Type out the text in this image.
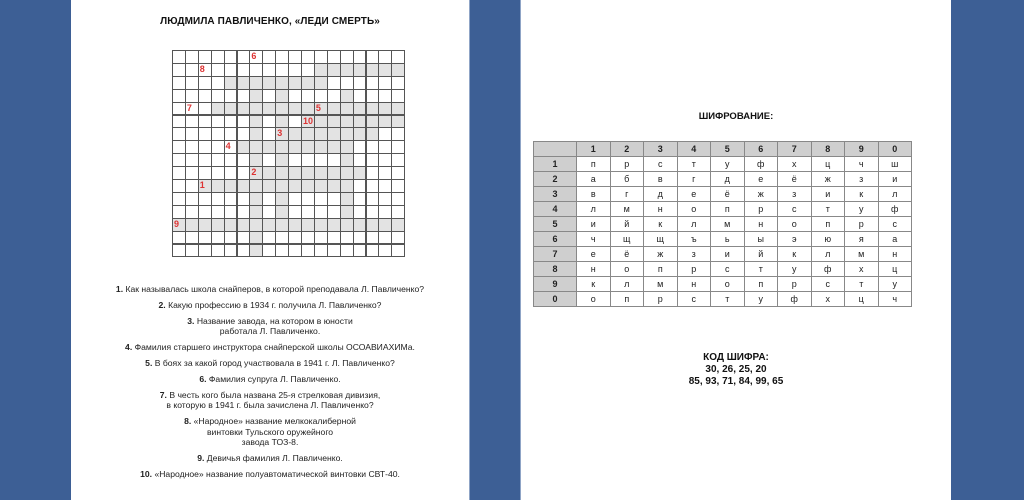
ЛЮДМИЛА ПАВЛИЧЕНКО, «ЛЕДИ СМЕРТЬ»
8
6
7	5
10
3
4
2
1
9
1. Как называлась школа снайперов, в которой преподавала Л. Павличенко?
2. Какую профессию в 1934 г. получила Л. Павличенко?
3. Название завода, на котором в юности
работала Л. Павличенко.
4. Фамилия старшего инструктора снайперской школы ОСОАВИАХИМа.
5. В боях за какой город участвовала в 1941 г. Л. Павличенко?
6. Фамилия супруга Л. Павличенко.
7. В честь кого была названа 25-я стрелковая дивизия,
в которую в 1941 г. была зачислена Л. Павличенко?
8. «Народное» название мелкокалиберной
винтовки Тульского оружейного
завода ТОЗ-8.
9. Девичья фамилия Л. Павличенко.
10. «Народное» название полуавтоматической винтовки СВТ-40.
ШИФРОВАНИЕ:
	1	2	3	4	5	6	7	8	9	0
1	п	р	с	т	у	ф	х	ц	ч	ш
2	а	б	в	г	д	е	ё	ж	з	и
3	в	г	д	е	ё	ж	з	и	к	л
4	л	м	н	о	п	р	с	т	у	ф
5	и	й	к	л	м	н	о	п	р	с
6	ч	щ	щ	ъ	ь	ы	э	ю	я	а
7	е	ё	ж	з	и	й	к	л	м	н
8	н	о	п	р	с	т	у	ф	х	ц
9	к	л	м	н	о	п	р	с	т	у
0	о	п	р	с	т	у	ф	х	ц	ч
КОД ШИФРА:
30, 26, 25, 20
85, 93, 71, 84, 99, 65
